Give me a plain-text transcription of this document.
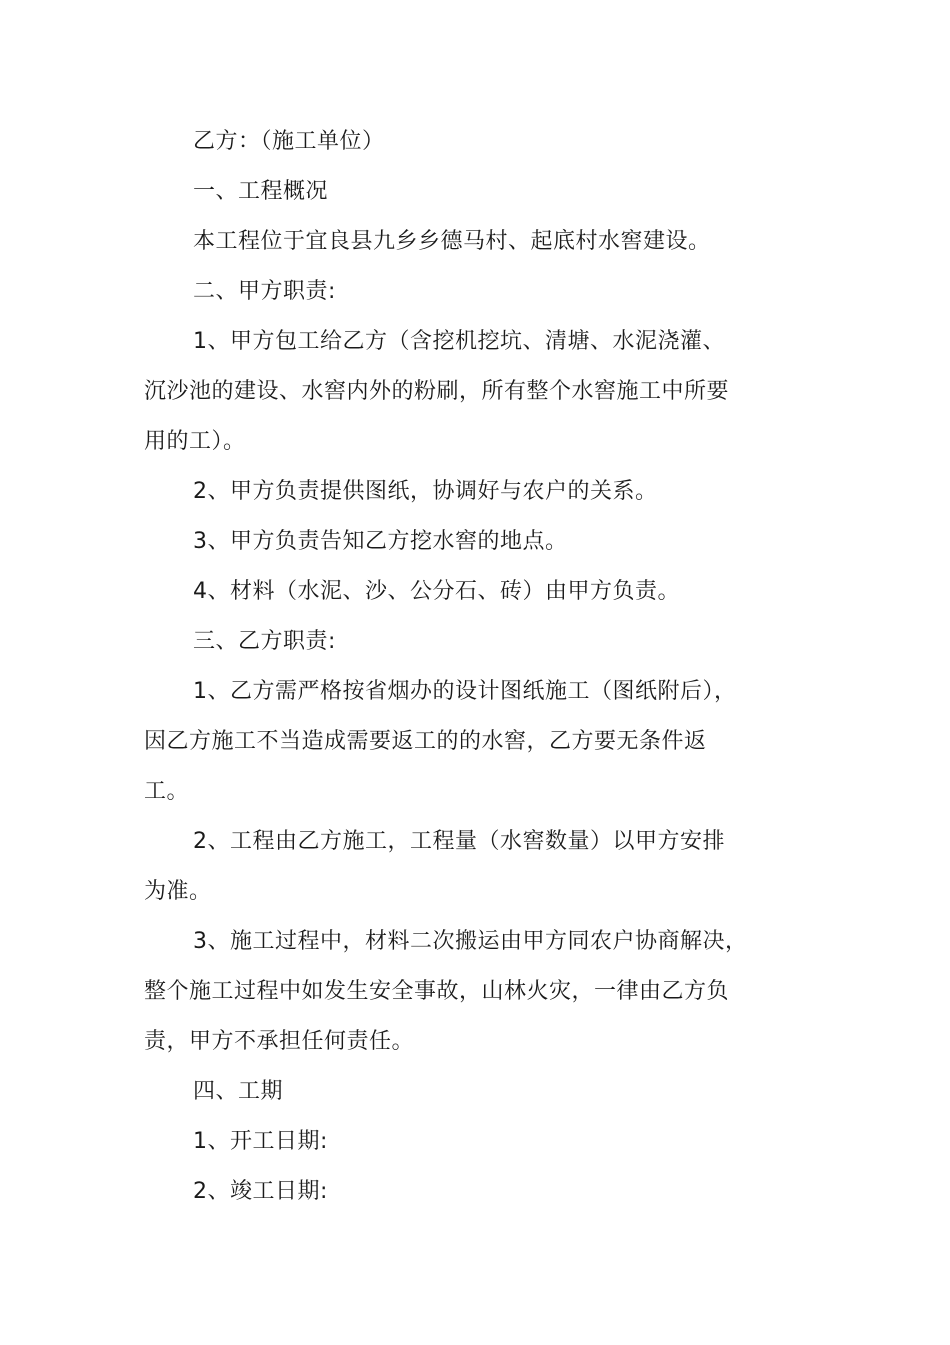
乙方：（施工单位）
一、工程概况
本工程位于宜良县九乡乡德马村、起底村水窖建设。
二、甲方职责:
1、甲方包工给乙方（含挖机挖坑、清塘、水泥浇灌、
沉沙池的建设、水窖内外的粉刷，所有整个水窖施工中所要
用的工）。
2、甲方负责提供图纸，协调好与农户的关系。
3、甲方负责告知乙方挖水窖的地点。
4、材料（水泥、沙、公分石、砖）由甲方负责。
三、乙方职责:
1、乙方需严格按省烟办的设计图纸施工（图纸附后），
因乙方施工不当造成需要返工的的水窖，乙方要无条件返
工。
2、工程由乙方施工，工程量（水窖数量）以甲方安排
为准。
3、施工过程中，材料二次搬运由甲方同农户协商解决，
整个施工过程中如发生安全事故，山林火灾，一律由乙方负
责，甲方不承担任何责任。
四、工期
1、开工日期:
2、竣工日期:
